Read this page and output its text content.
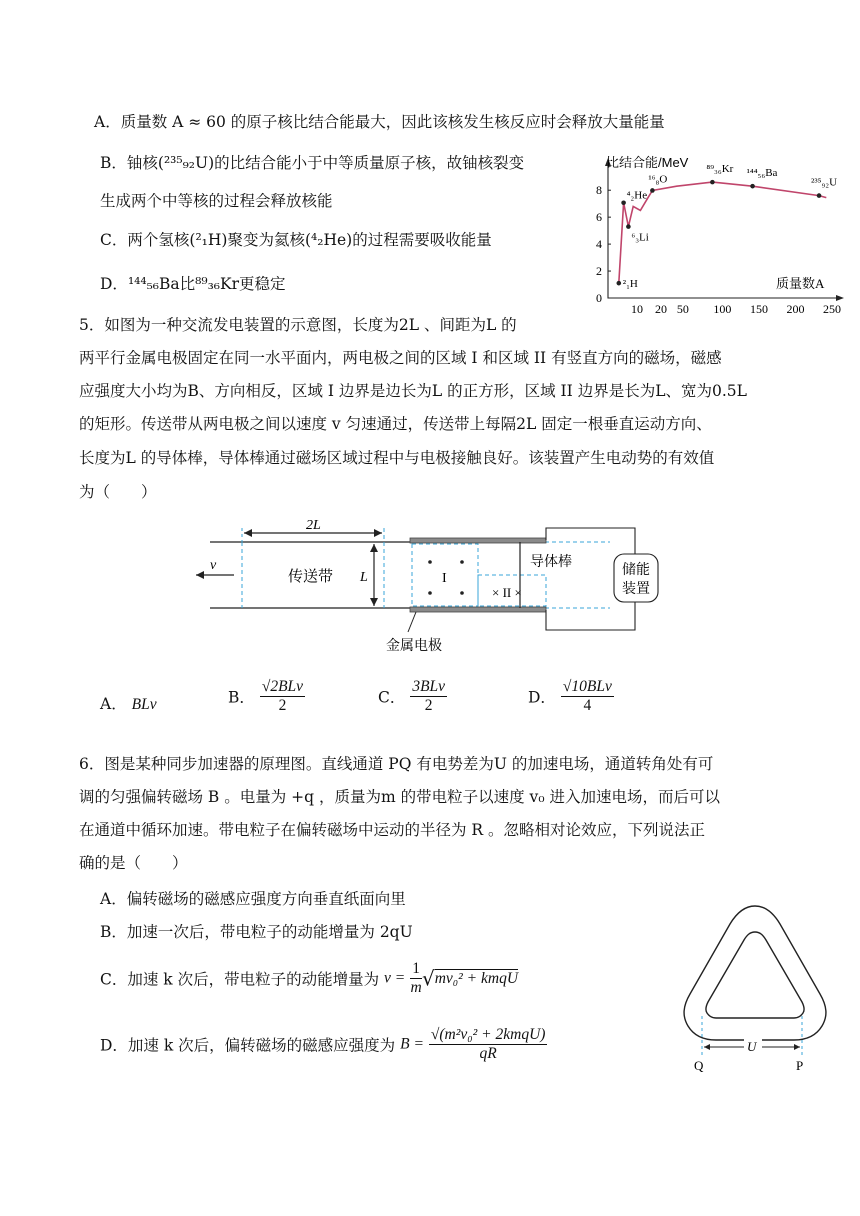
A．质量数 A ≈ 60 的原子核比结合能最大，因此该核发生核反应时会释放大量能量
B．铀核(²³⁵₉₂U)的比结合能小于中等质量原子核，故铀核裂变
生成两个中等核的过程会释放核能
C．两个氢核(²₁H)聚变为氦核(⁴₂He)的过程需要吸收能量
D．¹⁴⁴₅₆Ba比⁸⁹₃₆Kr更稳定
0
2
4
6
8
10 20 50 100 150 200 250
²₁H
⁴₂He
⁶₃Li
¹⁶₈O
⁸⁹₃₆Kr ¹⁴⁴₅₆Ba
²³⁵₉₂U
比结合能/MeV
质量数A
5．如图为一种交流发电装置的示意图，长度为2L 、间距为L 的
两平行金属电极固定在同一水平面内，两电极之间的区域 I 和区域 II 有竖直方向的磁场，磁感
应强度大小均为B、方向相反，区域 I 边界是边长为L 的正方形，区域 II 边界是长为L、宽为0.5L
的矩形。传送带从两电极之间以速度 v 匀速通过，传送带上每隔2L 固定一根垂直运动方向、
长度为L 的导体棒，导体棒通过磁场区域过程中与电极接触良好。该装置产生电动势的有效值
为（　　）
2L
v
传送带 L	I
× II ×
导体棒	储能
装置
金属电极
A． BLv	B． $\frac{\text{√2BLv}}{2}$	C． $\frac{\text{3BLv}}{2}$	D． $\frac{\text{√10BLv}}{4}$
6．图是某种同步加速器的原理图。直线通道 PQ 有电势差为U 的加速电场，通道转角处有可
调的匀强偏转磁场 B 。电量为 +q ，质量为m 的带电粒子以速度 v₀ 进入加速电场，而后可以
在通道中循环加速。带电粒子在偏转磁场中运动的半径为 R 。忽略相对论效应，下列说法正
确的是（　　）
A．偏转磁场的磁感应强度方向垂直纸面向里
B．加速一次后，带电粒子的动能增量为 2qU
C．加速 k 次后，带电粒子的动能增量为 $v = \frac{1}{m} √mv_0^2$ + kmqU
D．加速 k 次后，偏转磁场的磁感应强度为 $B = \frac{\text{√(m²v₀² + 2kmqU)}}{qR}$	U
Q	P
